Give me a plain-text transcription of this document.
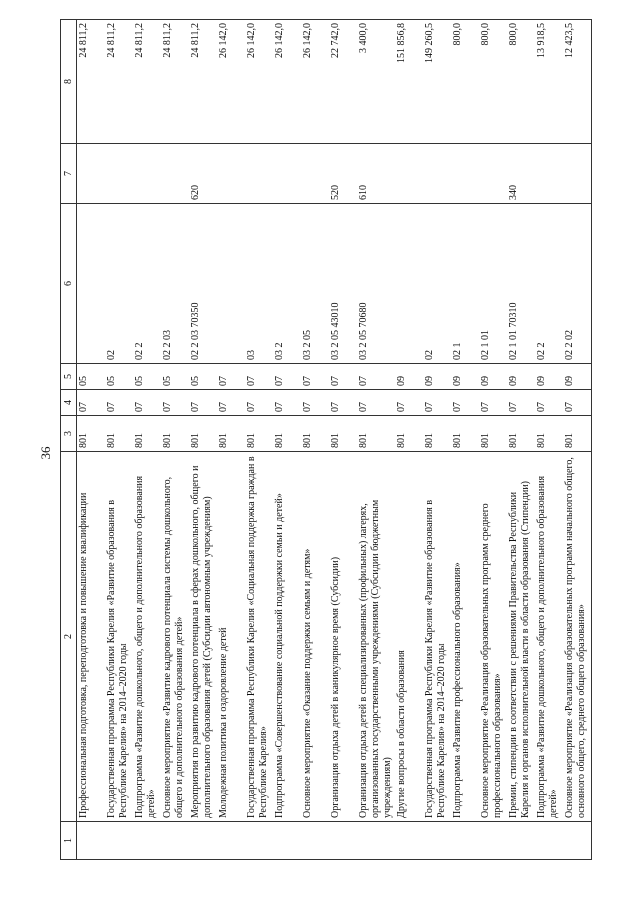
36
1	2	3	4	5	6	7	8
	Профессиональная подготовка, переподготовка и повышение квалификации	801	07	05			24 811,2
	Государственная программа Республики Карелия «Развитие образования в Республике Карелия» на 2014–2020 годы	801	07	05	02		24 811,2
	Подпрограмма «Развитие дошкольного, общего и дополнительного образования детей»	801	07	05	02 2		24 811,2
	Основное мероприятие «Развитие кадрового потенциала системы дошкольного, общего и дополнительного образования детей»	801	07	05	02 2 03		24 811,2
	Мероприятия по развитию кадрового потенциала в сферах дошкольного, общего и дополнительного образования детей (Субсидии автономным учреждениям)	801	07	05	02 2 03 70350	620	24 811,2
	Молодежная политика и оздоровление детей	801	07	07			26 142,0
	Государственная программа Республики Карелия «Социальная поддержка граждан в Республике Карелия»	801	07	07	03		26 142,0
	Подпрограмма «Совершенствование социальной поддержки семьи и детей»	801	07	07	03 2		26 142,0
	Основное мероприятие «Оказание поддержки семьям и детям»	801	07	07	03 2 05		26 142,0
	Организация отдыха детей в каникулярное время (Субсидии)	801	07	07	03 2 05 43010	520	22 742,0
	Организация отдыха детей в специализированных (профильных) лагерях, организованных государственными учреждениями (Субсидии бюджетным учреждениям)	801	07	07	03 2 05 70680	610	3 400,0
	Другие вопросы в области образования	801	07	09			151 856,8
	Государственная программа Республики Карелия «Развитие образования в Республике Карелия» на 2014–2020 годы	801	07	09	02		149 260,5
	Подпрограмма «Развитие профессионального образования»	801	07	09	02 1		800,0
	Основное мероприятие «Реализация образовательных программ среднего профессионального образования»	801	07	09	02 1 01		800,0
	Премии, стипендии в соответствии с решениями Правительства Республики Карелия и органов исполнительной власти в области образования (Стипендии)	801	07	09	02 1 01 70310	340	800,0
	Подпрограмма «Развитие дошкольного, общего и дополнительного образования детей»	801	07	09	02 2		13 918,5
	Основное мероприятие «Реализация образовательных программ начального общего, основного общего, среднего общего образования»	801	07	09	02 2 02		12 423,5
